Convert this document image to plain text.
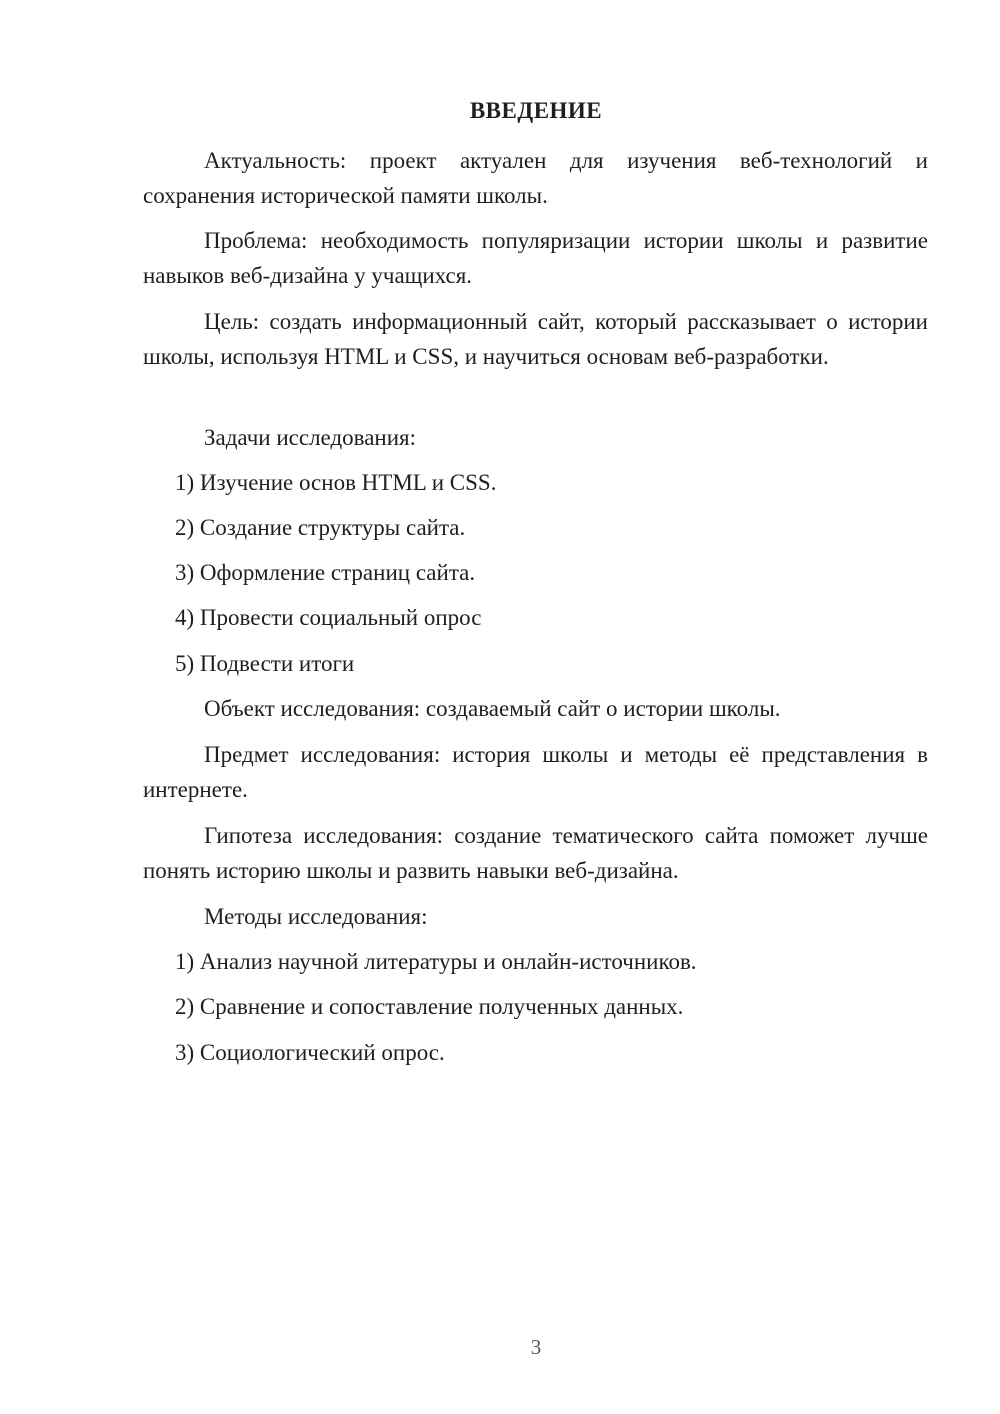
ВВЕДЕНИЕ

Актуальность: проект актуален для изучения веб-технологий и сохранения исторической памяти школы.

Проблема: необходимость популяризации истории школы и развитие навыков веб-дизайна у учащихся.

Цель: создать информационный сайт, который рассказывает о истории школы, используя HTML и CSS, и научиться основам веб-разработки.

Задачи исследования:

1) Изучение основ HTML и CSS.

2) Создание структуры сайта.

3) Оформление страниц сайта.

4) Провести социальный опрос

5) Подвести итоги

Объект исследования: создаваемый сайт о истории школы.

Предмет исследования: история школы и методы её представления в интернете.

Гипотеза исследования: создание тематического сайта поможет лучше понять историю школы и развить навыки веб-дизайна.

Методы исследования:

1) Анализ научной литературы и онлайн-источников.

2) Сравнение и сопоставление полученных данных.

3) Социологический опрос.

3
